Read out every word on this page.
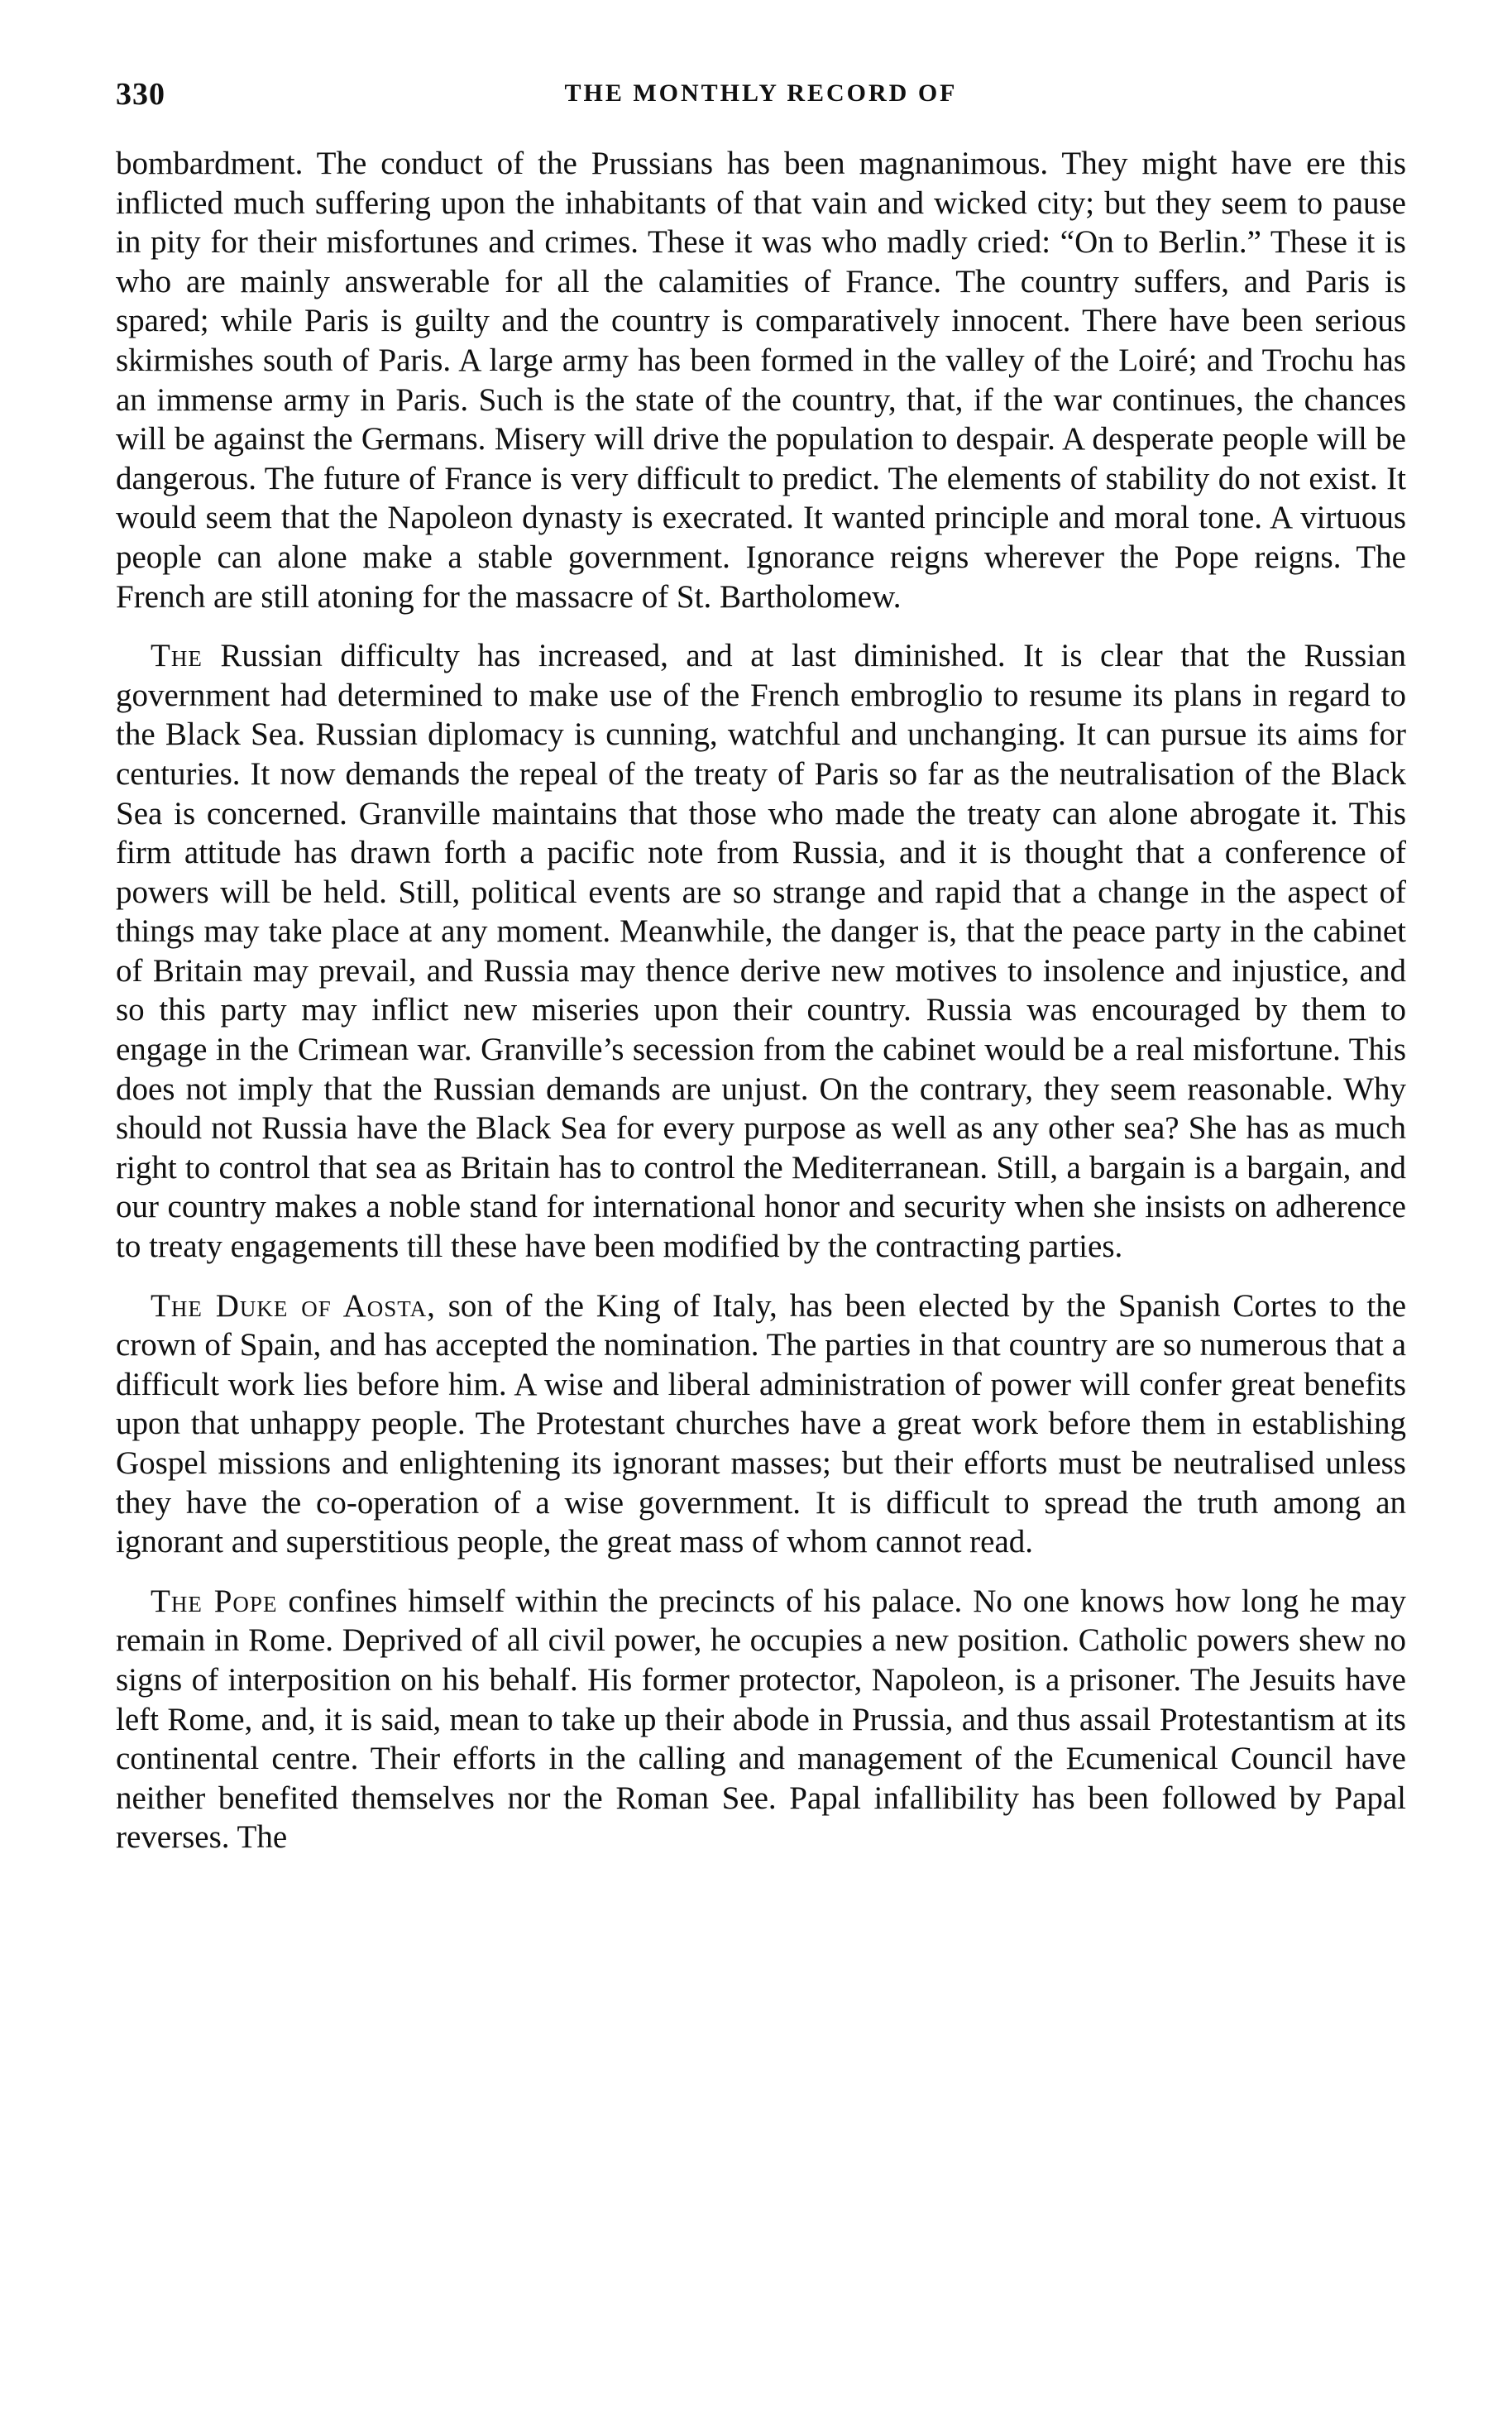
330	THE MONTHLY RECORD OF

bombardment. The conduct of the Prussians has been magnanimous. They might have ere this inflicted much suffering upon the inhabitants of that vain and wicked city; but they seem to pause in pity for their misfortunes and crimes. These it was who madly cried: “On to Berlin.” These it is who are mainly answerable for all the calamities of France. The country suffers, and Paris is spared; while Paris is guilty and the country is comparatively innocent. There have been serious skirmishes south of Paris. A large army has been formed in the valley of the Loiré; and Trochu has an immense army in Paris. Such is the state of the country, that, if the war continues, the chances will be against the Germans. Misery will drive the population to despair. A desperate people will be dangerous. The future of France is very difficult to predict. The elements of stability do not exist. It would seem that the Napoleon dynasty is execrated. It wanted principle and moral tone. A virtuous people can alone make a stable government. Ignorance reigns wherever the Pope reigns. The French are still atoning for the massacre of St. Bartholomew.

The Russian difficulty has increased, and at last diminished. It is clear that the Russian government had determined to make use of the French embroglio to resume its plans in regard to the Black Sea. Russian diplomacy is cunning, watchful and unchanging. It can pursue its aims for centuries. It now demands the repeal of the treaty of Paris so far as the neutralisation of the Black Sea is concerned. Granville maintains that those who made the treaty can alone abrogate it. This firm attitude has drawn forth a pacific note from Russia, and it is thought that a conference of powers will be held. Still, political events are so strange and rapid that a change in the aspect of things may take place at any moment. Meanwhile, the danger is, that the peace party in the cabinet of Britain may prevail, and Russia may thence derive new motives to insolence and injustice, and so this party may inflict new miseries upon their country. Russia was encouraged by them to engage in the Crimean war. Granville’s secession from the cabinet would be a real misfortune. This does not imply that the Russian demands are unjust. On the contrary, they seem reasonable. Why should not Russia have the Black Sea for every purpose as well as any other sea? She has as much right to control that sea as Britain has to control the Mediterranean. Still, a bargain is a bargain, and our country makes a noble stand for international honor and security when she insists on adherence to treaty engagements till these have been modified by the contracting parties.

The Duke of Aosta, son of the King of Italy, has been elected by the Spanish Cortes to the crown of Spain, and has accepted the nomination. The parties in that country are so numerous that a difficult work lies before him. A wise and liberal administration of power will confer great benefits upon that unhappy people. The Protestant churches have a great work before them in establishing Gospel missions and enlightening its ignorant masses; but their efforts must be neutralised unless they have the co-operation of a wise government. It is difficult to spread the truth among an ignorant and superstitious people, the great mass of whom cannot read.

The Pope confines himself within the precincts of his palace. No one knows how long he may remain in Rome. Deprived of all civil power, he occupies a new position. Catholic powers shew no signs of interposition on his behalf. His former protector, Napoleon, is a prisoner. The Jesuits have left Rome, and, it is said, mean to take up their abode in Prussia, and thus assail Protestantism at its continental centre. Their efforts in the calling and management of the Ecumenical Council have neither benefited themselves nor the Roman See. Papal infallibility has been followed by Papal reverses. The
